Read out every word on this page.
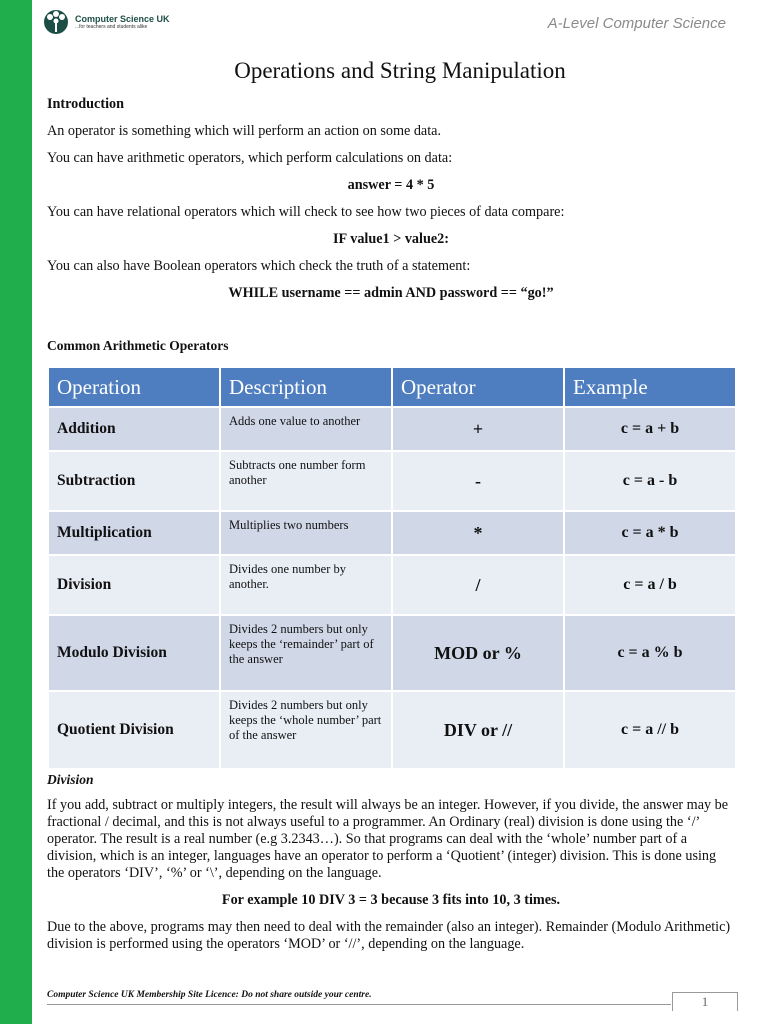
Computer Science UK
...for teachers and students alike	A-Level Computer Science
Operations and String Manipulation

Introduction

An operator is something which will perform an action on some data.

You can have arithmetic operators, which perform calculations on data:

answer = 4 * 5

You can have relational operators which will check to see how two pieces of data compare:

IF value1 > value2:

You can also have Boolean operators which check the truth of a statement:

WHILE username == admin AND password == “go!”

Common Arithmetic Operators

Operation	Description	Operator	Example
Addition	Adds one value to another	+	c = a + b
Subtraction	Subtracts one number form another	-	c = a - b
Multiplication	Multiplies two numbers	*	c = a * b
Division	Divides one number by another.	/	c = a / b
Modulo Division	Divides 2 numbers but only keeps the ‘remainder’ part of the answer	MOD or %	c = a % b
Quotient Division	Divides 2 numbers but only keeps the ‘whole number’ part of the answer	DIV or //	c = a // b

Division

If you add, subtract or multiply integers, the result will always be an integer. However, if you divide, the answer may be fractional / decimal, and this is not always useful to a programmer. An Ordinary (real) division is done using the ‘/’ operator. The result is a real number (e.g 3.2343…). So that programs can deal with the ‘whole’ number part of a division, which is an integer, languages have an operator to perform a ‘Quotient’ (integer) division. This is done using the operators ‘DIV’, ‘%’ or ‘\’, depending on the language.

For example 10 DIV 3 = 3 because 3 fits into 10, 3 times.

Due to the above, programs may then need to deal with the remainder (also an integer). Remainder (Modulo Arithmetic) division is performed using the operators ‘MOD’ or ‘//’, depending on the language.

Computer Science UK Membership Site Licence: Do not share outside your centre.	1
